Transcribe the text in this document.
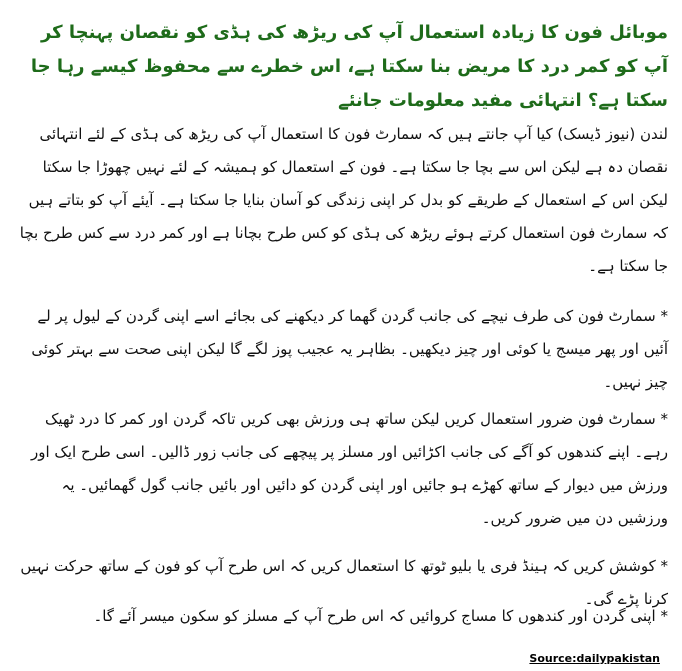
موبائل فون کا زیادہ استعمال آپ کی ریڑھ کی ہڈی کو نقصان پہنچا کر آپ کو کمر درد کا مریض بنا سکتا ہے، اس خطرے سے محفوظ کیسے رہا جا سکتا ہے؟ انتہائی مفید معلومات جانئے

لندن (نیوز ڈیسک) کیا آپ جانتے ہیں کہ سمارٹ فون کا استعمال آپ کی ریڑھ کی ہڈی کے لئے انتہائی نقصان دہ ہے لیکن اس سے بچا جا سکتا ہے۔ فون کے استعمال کو ہمیشہ کے لئے نہیں چھوڑا جا سکتا لیکن اس کے استعمال کے طریقے کو بدل کر اپنی زندگی کو آسان بنایا جا سکتا ہے۔ آیئے آپ کو بتاتے ہیں کہ سمارٹ فون استعمال کرتے ہوئے ریڑھ کی ہڈی کو کس طرح بچانا ہے اور کمر درد سے کس طرح بچا جا سکتا ہے۔

* سمارٹ فون کی طرف نیچے کی جانب گردن گھما کر دیکھنے کی بجائے اسے اپنی گردن کے لیول پر لے آئیں اور پھر میسج یا کوئی اور چیز دیکھیں۔ بظاہر یہ عجیب پوز لگے گا لیکن اپنی صحت سے بہتر کوئی چیز نہیں۔

* سمارٹ فون ضرور استعمال کریں لیکن ساتھ ہی ورزش بھی کریں تاکہ گردن اور کمر کا درد ٹھیک رہے۔ اپنے کندھوں کو آگے کی جانب اکڑائیں اور مسلز پر پیچھے کی جانب زور ڈالیں۔ اسی طرح ایک اور ورزش میں دیوار کے ساتھ کھڑے ہو جائیں اور اپنی گردن کو دائیں اور بائیں جانب گول گھمائیں۔ یہ ورزشیں دن میں ضرور کریں۔

* کوشش کریں کہ ہینڈ فری یا بلیو ٹوتھ کا استعمال کریں کہ اس طرح آپ کو فون کے ساتھ حرکت نہیں کرنا پڑے گی۔

* اپنی گردن اور کندھوں کا مساج کروائیں کہ اس طرح آپ کے مسلز کو سکون میسر آئے گا۔

Source:dailypakistan
